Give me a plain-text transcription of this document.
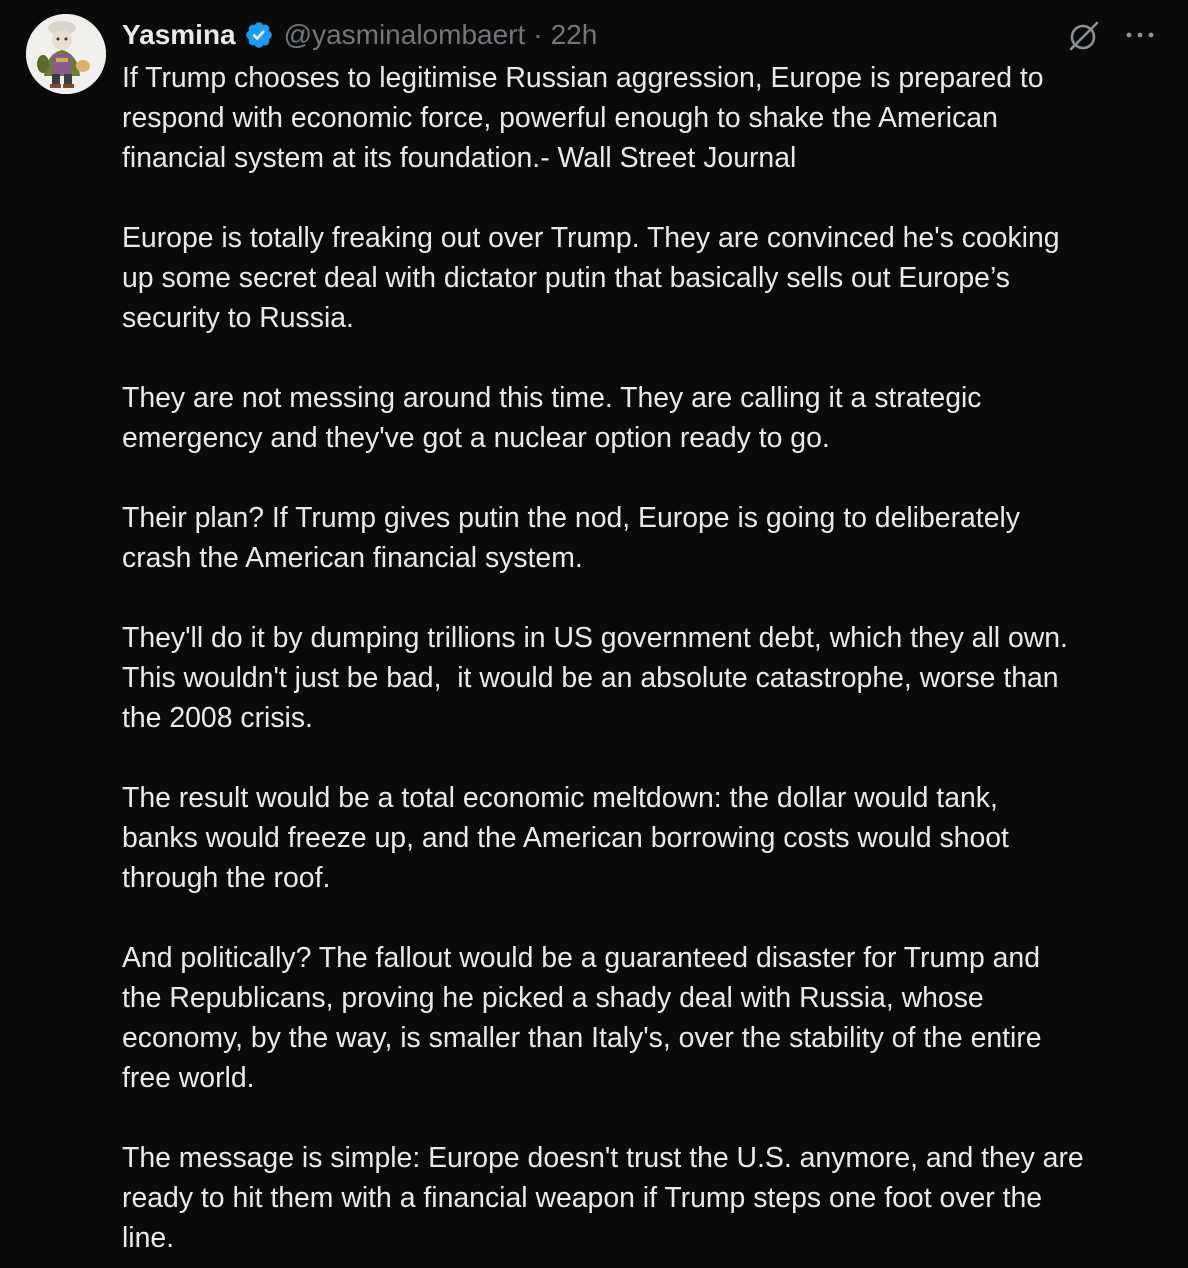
Yasmina @yasminalombaert · 22h
If Trump chooses to legitimise Russian aggression, Europe is prepared to
respond with economic force, powerful enough to shake the American
financial system at its foundation.- Wall Street Journal
Europe is totally freaking out over Trump. They are convinced he's cooking
up some secret deal with dictator putin that basically sells out Europe’s
security to Russia.
They are not messing around this time. They are calling it a strategic
emergency and they've got a nuclear option ready to go.
Their plan? If Trump gives putin the nod, Europe is going to deliberately
crash the American financial system.
They'll do it by dumping trillions in US government debt, which they all own.
This wouldn't just be bad,  it would be an absolute catastrophe, worse than
the 2008 crisis.
The result would be a total economic meltdown: the dollar would tank,
banks would freeze up, and the American borrowing costs would shoot
through the roof.
And politically? The fallout would be a guaranteed disaster for Trump and
the Republicans, proving he picked a shady deal with Russia, whose
economy, by the way, is smaller than Italy's, over the stability of the entire
free world.
The message is simple: Europe doesn't trust the U.S. anymore, and they are
ready to hit them with a financial weapon if Trump steps one foot over the
line.
